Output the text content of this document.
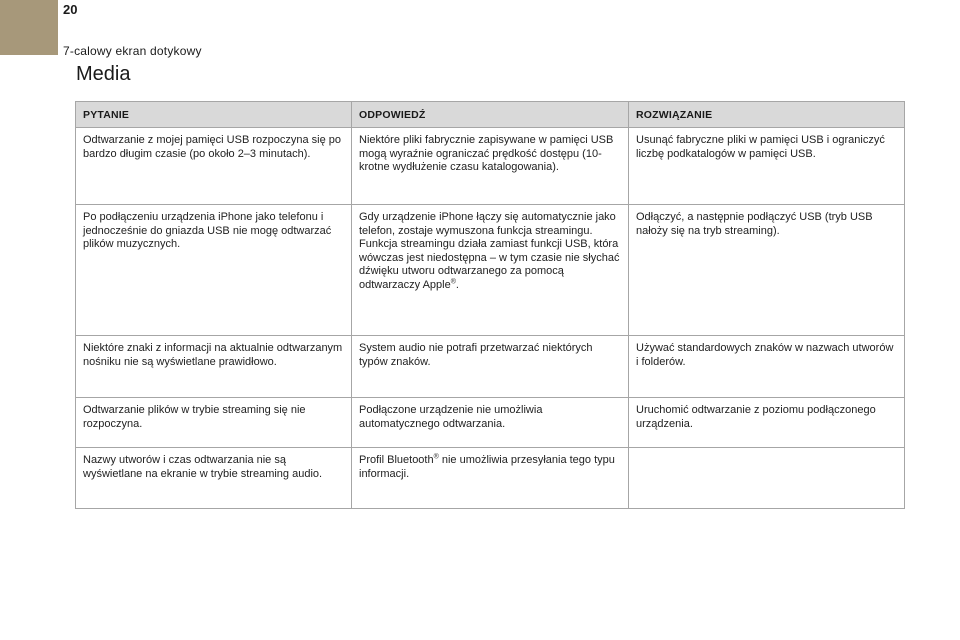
20
7-calowy ekran dotykowy
Media
PYTANIE	ODPOWIEDŹ	ROZWIĄZANIE
Odtwarzanie z mojej pamięci USB rozpoczyna się po bardzo długim czasie (po około 2–3 minutach).	Niektóre pliki fabrycznie zapisywane w pamięci USB mogą wyraźnie ograniczać prędkość dostępu (10-krotne wydłużenie czasu katalogowania).	Usunąć fabryczne pliki w pamięci USB i ograniczyć liczbę podkatalogów w pamięci USB.
Po podłączeniu urządzenia iPhone jako telefonu i jednocześnie do gniazda USB nie mogę odtwarzać plików muzycznych.	Gdy urządzenie iPhone łączy się automatycznie jako telefon, zostaje wymuszona funkcja streamingu. Funkcja streamingu działa zamiast funkcji USB, która wówczas jest niedostępna – w tym czasie nie słychać dźwięku utworu odtwarzanego za pomocą odtwarzaczy Apple®.	Odłączyć, a następnie podłączyć USB (tryb USB nałoży się na tryb streaming).
Niektóre znaki z informacji na aktualnie odtwarzanym nośniku nie są wyświetlane prawidłowo.	System audio nie potrafi przetwarzać niektórych typów znaków.	Używać standardowych znaków w nazwach utworów i folderów.
Odtwarzanie plików w trybie streaming się nie rozpoczyna.	Podłączone urządzenie nie umożliwia automatycznego odtwarzania.	Uruchomić odtwarzanie z poziomu podłączonego urządzenia.
Nazwy utworów i czas odtwarzania nie są wyświetlane na ekranie w trybie streaming audio.	Profil Bluetooth® nie umożliwia przesyłania tego typu informacji.	
